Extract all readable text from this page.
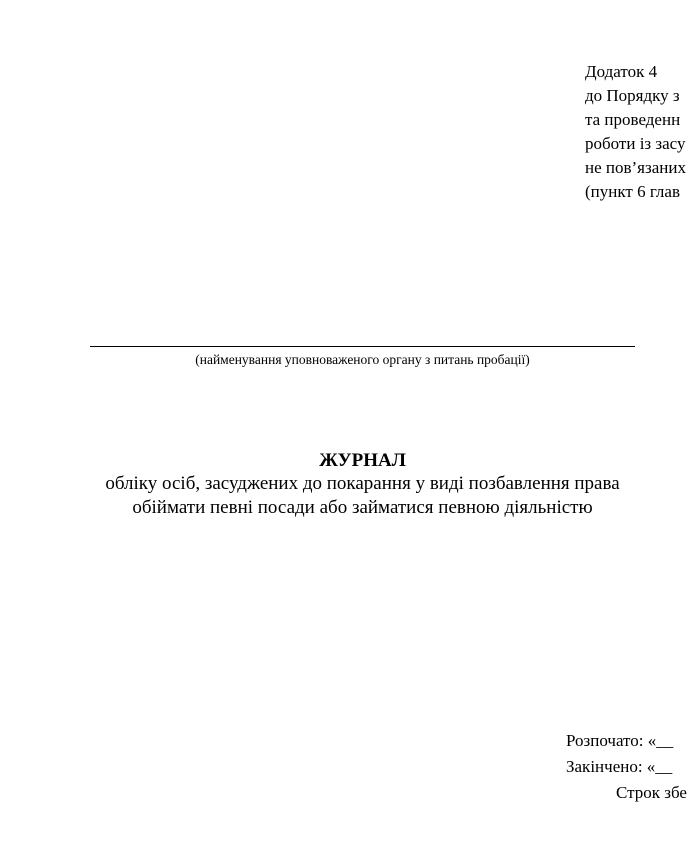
Додаток 4
до Порядку з
та проведенн
роботи із засу
не пов’язаних
(пункт 6 глав
(найменування уповноваженого органу з питань пробації)
ЖУРНАЛ
обліку осіб, засуджених до покарання у виді позбавлення права
обіймати певні посади або займатися певною діяльністю
Розпочато: «__
Закінчено: «__
Строк збе
